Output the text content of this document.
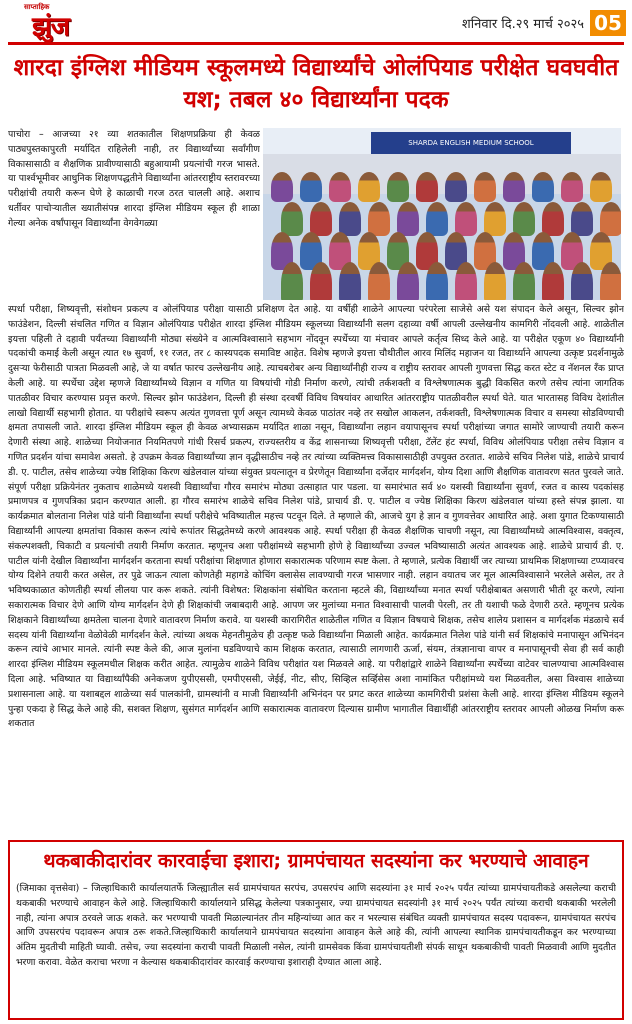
साप्ताहिक
झुंज	शनिवार दि.२९ मार्च २०२५ 05
शारदा इंग्लिश मीडियम स्कूलमध्ये विद्यार्थ्यांचे ओलंपियाड परीक्षेत घवघवीत यश; तबल ४० विद्यार्थ्यांना पदक

पाचोरा – आजच्या २१ व्या शतकातील शिक्षणप्रक्रिया ही केवळ पाठ्यपुस्तकापुरती मर्यादित राहिलेली नाही, तर विद्यार्थ्यांच्या सर्वांगीण विकासासाठी व शैक्षणिक प्रावीण्यासाठी बहुआयामी प्रयत्नांची गरज भासते. या पार्श्वभूमीवर आधुनिक शिक्षणपद्धतीने विद्यार्थ्यांना आंतरराष्ट्रीय स्तरावरच्या परीक्षांची तयारी करून घेणे हे काळाची गरज ठरत चालली आहे. अशाच धर्तीवर पाचोऱ्यातील ख्यातीसंपन्न शारदा इंग्लिश मीडियम स्कूल ही शाळा गेल्या अनेक वर्षांपासून विद्यार्थ्यांना वेगवेगळ्या

SHARDA ENGLISH MEDIUM SCHOOL

स्पर्धा परीक्षा, शिष्यवृत्ती, संशोधन प्रकल्प व ओलंपियाड परीक्षा यासाठी प्रशिक्षण देत आहे. या वर्षीही शाळेने आपल्या परंपरेला साजेसे असे यश संपादन केले असून, सिल्वर झोन फाउंडेशन, दिल्ली संचलित गणित व विज्ञान ओलंपियाड परीक्षेत शारदा इंग्लिश मीडियम स्कूलच्या विद्यार्थ्यांनी सलग दहाव्या वर्षी आपली उल्लेखनीय कामगिरी नोंदवली आहे. शाळेतील इयत्ता पहिली ते दहावी पर्यंतच्या विद्यार्थ्यांनी मोठ्या संख्येने व आत्मविश्वासाने सहभाग नोंदवून स्पर्धेच्या या मंचावर आपले कर्तृत्व सिध्द केले आहे. या परीक्षेत एकूण ४० विद्यार्थ्यांनी पदकांची कमाई केली असून त्यात १७ सुवर्ण, ११ रजत, तर ८ कास्यपदक समाविष्ट आहेत. विशेष म्हणजे इयत्ता चौथीतील आरव मिलिंद महाजन या विद्यार्थ्याने आपल्या उत्कृष्ट प्रदर्शनामुळे दुसऱ्या फेरीसाठी पात्रता मिळवली आहे, जे या वर्षात फारच उल्लेखनीय आहे. त्याचबरोबर अन्य विद्यार्थ्यांनीही राज्य व राष्ट्रीय स्तरावर आपली गुणवत्ता सिद्ध करत स्टेट व नॅशनल रँक प्राप्त केली आहे. या स्पर्धेचा उद्देश म्हणजे विद्यार्थ्यांमध्ये विज्ञान व गणित या विषयांची गोडी निर्माण करणे, त्यांची तर्कशक्ती व विश्लेषणात्मक बुद्धी विकसित करणे तसेच त्यांना जागतिक पातळीवर विचार करण्यास प्रवृत्त करणे. सिल्वर झोन फाउंडेशन, दिल्ली ही संस्था दरवर्षी विविध विषयांवर आधारित आंतरराष्ट्रीय पातळीवरील स्पर्धा घेते. यात भारतासह विविध देशांतील लाखो विद्यार्थी सहभागी होतात. या परीक्षांचे स्वरूप अत्यंत गुणवत्ता पूर्ण असून त्यामध्ये केवळ पाठांतर नव्हे तर सखोल आकलन, तर्कशक्ती, विश्लेषणात्मक विचार व समस्या सोडविण्याची क्षमता तपासली जाते. शारदा इंग्लिश मीडियम स्कूल ही केवळ अभ्यासक्रम मर्यादित शाळा नसून, विद्यार्थ्यांना लहान वयापासूनच स्पर्धा परीक्षांच्या जगात सामोरे जाण्याची तयारी करून देणारी संस्था आहे. शाळेच्या नियोजनात नियमितपणे गांधी रिसर्च प्रकल्प, राज्यस्तरीय व केंद्र शासनाच्या शिष्यवृत्ती परीक्षा, टॅलेंट हंट स्पर्धा, विविध ओलंपियाड परीक्षा तसेच विज्ञान व गणित प्रदर्शन यांचा समावेश असतो. हे उपक्रम केवळ विद्यार्थ्यांच्या ज्ञान वृद्धीसाठीच नव्हे तर त्यांच्या व्यक्तिमत्त्व विकासासाठीही उपयुक्त ठरतात. शाळेचे सचिव निलेश पांडे, शाळेचे प्राचार्य डी. ए. पाटील, तसेच शाळेच्या ज्येष्ठ शिक्षिका किरण खंडेलवाल यांच्या संयुक्त प्रयत्नातून व प्रेरणेतून विद्यार्थ्यांना दर्जेदार मार्गदर्शन, योग्य दिशा आणि शैक्षणिक वातावरण सतत पुरवले जाते. संपूर्ण परीक्षा प्रक्रियेनंतर नुकताच शाळेमध्ये यशस्वी विद्यार्थ्यांचा गौरव समारंभ मोठ्या उत्साहात पार पडला. या समारंभात सर्व ४० यशस्वी विद्यार्थ्यांना सुवर्ण, रजत व कास्य पदकांसह प्रमाणपत्र व गुणपत्रिका प्रदान करण्यात आली. हा गौरव समारंभ शाळेचे सचिव निलेश पांडे, प्राचार्य डी. ए. पाटील व ज्येष्ठ शिक्षिका किरण खंडेलवाल यांच्या हस्ते संपन्न झाला. या कार्यक्रमात बोलताना निलेश पांडे यांनी विद्यार्थ्यांना स्पर्धा परीक्षेचे भविष्यातील महत्त्व पटवून दिले. ते म्हणाले की, आजचे युग हे ज्ञान व गुणवत्तेवर आधारित आहे. अशा युगात टिकण्यासाठी विद्यार्थ्यांनी आपल्या क्षमतांचा विकास करून त्यांचे रूपांतर सिद्धतेमध्ये करणे आवश्यक आहे. स्पर्धा परीक्षा ही केवळ शैक्षणिक चाचणी नसून, त्या विद्यार्थ्यांमध्ये आत्मविश्वास, वक्तृत्व, संकल्पशक्ती, चिकाटी व प्रयत्नांची तयारी निर्माण करतात. म्हणूनच अशा परीक्षांमध्ये सहभागी होणे हे विद्यार्थ्यांच्या उज्वल भविष्यासाठी अत्यंत आवश्यक आहे. शाळेचे प्राचार्य डी. ए. पाटील यांनी देखील विद्यार्थ्यांना मार्गदर्शन करताना स्पर्धा परीक्षांचा शिक्षणात होणारा सकारात्मक परिणाम स्पष्ट केला. ते म्हणाले, प्रत्येक विद्यार्थी जर त्याच्या प्राथमिक शिक्षणाच्या टप्प्यावरच योग्य दिशेने तयारी करत असेल, तर पुढे जाऊन त्याला कोणतेही महागडे कोचिंग क्लासेस लावण्याची गरज भासणार नाही. लहान वयातच जर मूल आत्मविश्वासाने भरलेले असेल, तर ते भविष्यकाळात कोणतीही स्पर्धा लीलया पार करू शकते. त्यांनी विशेषत: शिक्षकांना संबोधित करताना म्हटले की, विद्यार्थ्यांच्या मनात स्पर्धा परीक्षेबाबत असणारी भीती दूर करणे, त्यांना सकारात्मक विचार देणे आणि योग्य मार्गदर्शन देणे ही शिक्षकांची जबाबदारी आहे. आपण जर मुलांच्या मनात विश्वासाची पालवी पेरली, तर ती यशाची फळे देणारी ठरते. म्हणूनच प्रत्येक शिक्षकाने विद्यार्थ्यांच्या क्षमतेला चालना देणारे वातावरण निर्माण करावे. या यशस्वी कारागिरीत शाळेतील गणित व विज्ञान विषयाचे शिक्षक, तसेच शालेय प्रशासन व मार्गदर्शक मंडळाचे सर्व सदस्य यांनी विद्यार्थ्यांना वेळोवेळी मार्गदर्शन केले. त्यांच्या अथक मेहनतीमुळेच ही उत्कृष्ट फळे विद्यार्थ्यांना मिळाली आहेत. कार्यक्रमात निलेश पांडे यांनी सर्व शिक्षकांचे मनापासून अभिनंदन करून त्यांचे आभार मानले. त्यांनी स्पष्ट केले की, आज मुलांना घडविण्याचे काम शिक्षक करतात, त्यासाठी लागणारी ऊर्जा, संयम, तंत्रज्ञानाचा वापर व मनापासूनची सेवा ही सर्व काही शारदा इंग्लिश मीडियम स्कूलमधील शिक्षक करीत आहेत. त्यामुळेच शाळेने विविध परीक्षांत यश मिळवले आहे. या परीक्षांद्वारे शाळेने विद्यार्थ्यांना स्पर्धेच्या वाटेवर चालण्याचा आत्मविश्वास दिला आहे. भविष्यात या विद्यार्थ्यांपैकी अनेकजण युपीएससी, एमपीएससी, जेईई, नीट, सीए, सिव्हिल सर्व्हिसेस अशा नामांकित परीक्षांमध्ये यश मिळवतील, असा विश्वास शाळेच्या प्रशासनाला आहे. या यशाबद्दल शाळेच्या सर्व पालकांनी, ग्रामस्थांनी व माजी विद्यार्थ्यांनी अभिनंदन पर प्रगट करत शाळेच्या कामगिरीची प्रशंसा केली आहे. शारदा इंग्लिश मीडियम स्कूलने पुन्हा एकदा हे सिद्ध केले आहे की, सशक्त शिक्षण, सुसंगत मार्गदर्शन आणि सकारात्मक वातावरण दिल्यास ग्रामीण भागातील विद्यार्थीही आंतरराष्ट्रीय स्तरावर आपली ओळख निर्माण करू शकतात

थकबाकीदारांवर कारवाईचा इशारा; ग्रामपंचायत सदस्यांना कर भरण्याचे आवाहन

(जिमाका वृत्तसेवा) – जिल्हाधिकारी कार्यालयातर्फे जिल्ह्यातील सर्व ग्रामपंचायत सरपंच, उपसरपंच आणि सदस्यांना ३१ मार्च २०२५ पर्यंत त्यांच्या ग्रामपंचायतीकडे असलेल्या कराची थकबाकी भरण्याचे आवाहन केले आहे. जिल्हाधिकारी कार्यालयाने प्रसिद्ध केलेल्या पत्रकानुसार, ज्या ग्रामपंचायत सदस्यांनी ३१ मार्च २०२५ पर्यंत त्यांच्या कराची थकबाकी भरलेली नाही, त्यांना अपात्र ठरवले जाऊ शकते. कर भरण्याची पावती मिळाल्यानंतर तीन महिन्यांच्या आत कर न भरल्यास संबंधित व्यक्ती ग्रामपंचायत सदस्य पदावरून, ग्रामपंचायत सरपंच आणि उपसरपंच पदावरून अपात्र ठरू शकते.जिल्हाधिकारी कार्यालयाने ग्रामपंचायत सदस्यांना आवाहन केले आहे की, त्यांनी आपल्या स्थानिक ग्रामपंचायतीकडून कर भरण्याच्या अंतिम मुदतीची माहिती घ्यावी. तसेच, ज्या सदस्यांना कराची पावती मिळाली नसेल, त्यांनी ग्रामसेवक किंवा ग्रामपंचायतीशी संपर्क साधून थकबाकीची पावती मिळवावी आणि मुदतीत भरणा करावा. वेळेत कराचा भरणा न केल्यास थकबाकीदारांवर कारवाई करण्याचा इशाराही देण्यात आला आहे.
